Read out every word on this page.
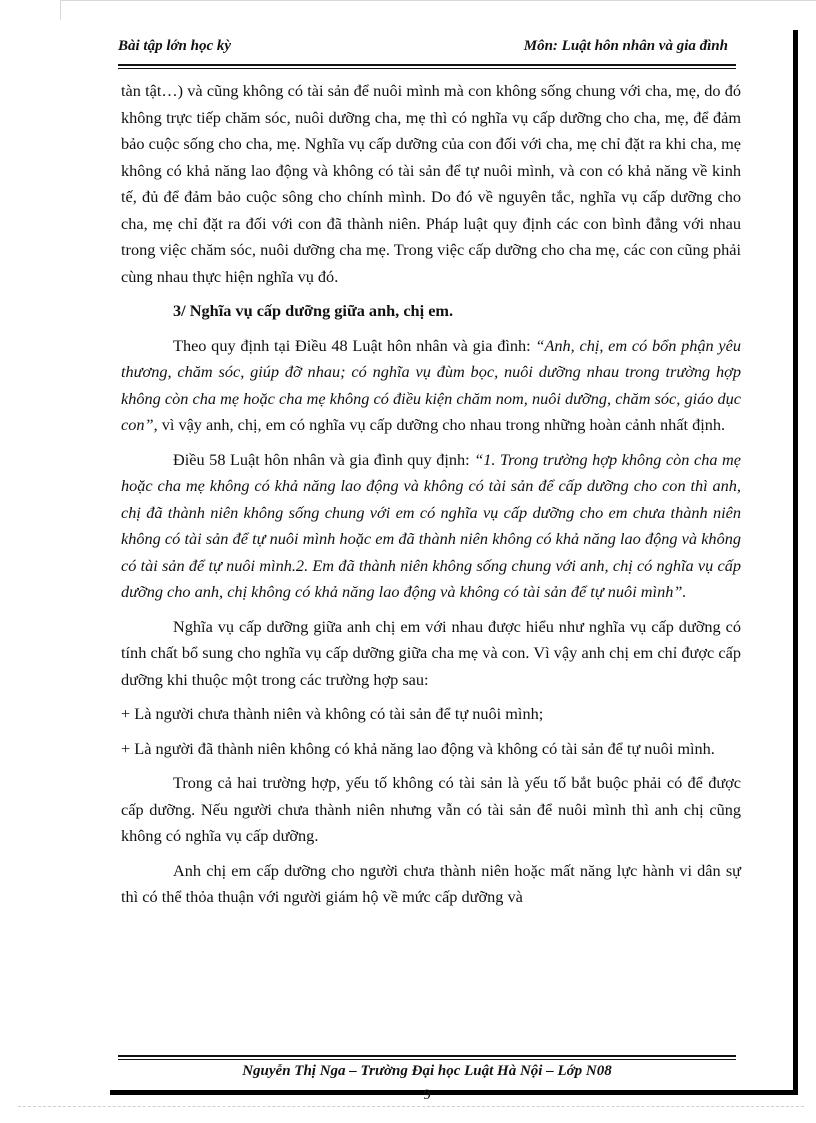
Bài tập lớn học kỳ	Môn: Luật hôn nhân và gia đình

tàn tật…) và cũng không có tài sản để nuôi mình mà con không sống chung với cha, mẹ, do đó không trực tiếp chăm sóc, nuôi dưỡng cha, mẹ thì có nghĩa vụ cấp dưỡng cho cha, mẹ, để đảm bảo cuộc sống cho cha, mẹ. Nghĩa vụ cấp dưỡng của con đối với cha, mẹ chỉ đặt ra khi cha, mẹ không có khả năng lao động và không có tài sản để tự nuôi mình, và con có khả năng về kinh tế, đủ để đảm bảo cuộc sông cho chính mình. Do đó về nguyên tắc, nghĩa vụ cấp dưỡng cho cha, mẹ chỉ đặt ra đối với con đã thành niên. Pháp luật quy định các con bình đẳng với nhau trong việc chăm sóc, nuôi dưỡng cha mẹ. Trong việc cấp dưỡng cho cha mẹ, các con cũng phải cùng nhau thực hiện nghĩa vụ đó.

3/ Nghĩa vụ cấp dưỡng giữa anh, chị em.

Theo quy định tại Điều 48 Luật hôn nhân và gia đình: “Anh, chị, em có bổn phận yêu thương, chăm sóc, giúp đỡ nhau; có nghĩa vụ đùm bọc, nuôi dưỡng nhau trong trường hợp không còn cha mẹ hoặc cha mẹ không có điều kiện chăm nom, nuôi dưỡng, chăm sóc, giáo dục con”, vì vậy anh, chị, em có nghĩa vụ cấp dưỡng cho nhau trong những hoàn cảnh nhất định.

Điều 58 Luật hôn nhân và gia đình quy định: “1. Trong trường hợp không còn cha mẹ hoặc cha mẹ không có khả năng lao động và không có tài sản để cấp dưỡng cho con thì anh, chị đã thành niên không sống chung với em có nghĩa vụ cấp dưỡng cho em chưa thành niên không có tài sản để tự nuôi mình hoặc em đã thành niên không có khả năng lao động và không có tài sản để tự nuôi mình.2. Em đã thành niên không sống chung với anh, chị có nghĩa vụ cấp dưỡng cho anh, chị không có khả năng lao động và không có tài sản để tự nuôi mình”.

Nghĩa vụ cấp dưỡng giữa anh chị em với nhau được hiểu như nghĩa vụ cấp dưỡng có tính chất bổ sung cho nghĩa vụ cấp dưỡng giữa cha mẹ và con. Vì vậy anh chị em chỉ được cấp dưỡng khi thuộc một trong các trường hợp sau:

+ Là người chưa thành niên và không có tài sản để tự nuôi mình;

+ Là người đã thành niên không có khả năng lao động và không có tài sản để tự nuôi mình.

Trong cả hai trường hợp, yếu tố không có tài sản là yếu tố bắt buộc phải có để được cấp dưỡng. Nếu người chưa thành niên nhưng vẫn có tài sản để nuôi mình thì anh chị cũng không có nghĩa vụ cấp dưỡng.

Anh chị em cấp dưỡng cho người chưa thành niên hoặc mất năng lực hành vi dân sự thì có thể thỏa thuận với người giám hộ về mức cấp dưỡng và

Nguyễn Thị Nga – Trường Đại học Luật Hà Nội – Lớp N08
9
